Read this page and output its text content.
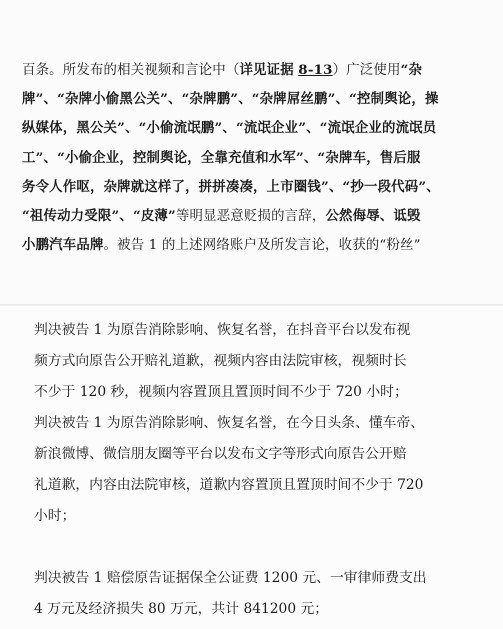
百条。所发布的相关视频和言论中（详见证据 8-13）广泛使用“杂
牌”、“杂牌小偷黑公关”、“杂牌鹏”、“杂牌屌丝鹏”、“控制舆论，操
纵媒体，黑公关”、“小偷流氓鹏”、“流氓企业”、“流氓企业的流氓员
工”、“小偷企业，控制舆论，全靠充值和水军”、“杂牌车，售后服
务令人作呕，杂牌就这样了，拼拼凑凑，上市圈钱”、“抄一段代码”、
“祖传动力受限”、“皮薄”等明显恶意贬损的言辞，公然侮辱、诋毁
小鹏汽车品牌。被告 1 的上述网络账户及所发言论，收获的“粉丝”

判决被告 1 为原告消除影响、恢复名誉，在抖音平台以发布视
频方式向原告公开赔礼道歉，视频内容由法院审核，视频时长
不少于 120 秒，视频内容置顶且置顶时间不少于 720 小时；

判决被告 1 为原告消除影响、恢复名誉，在今日头条、懂车帝、
新浪微博、微信朋友圈等平台以发布文字等形式向原告公开赔
礼道歉，内容由法院审核，道歉内容置顶且置顶时间不少于 720
小时；

判决被告 1 赔偿原告证据保全公证费 1200 元、一审律师费支出
4 万元及经济损失 80 万元，共计 841200 元；
